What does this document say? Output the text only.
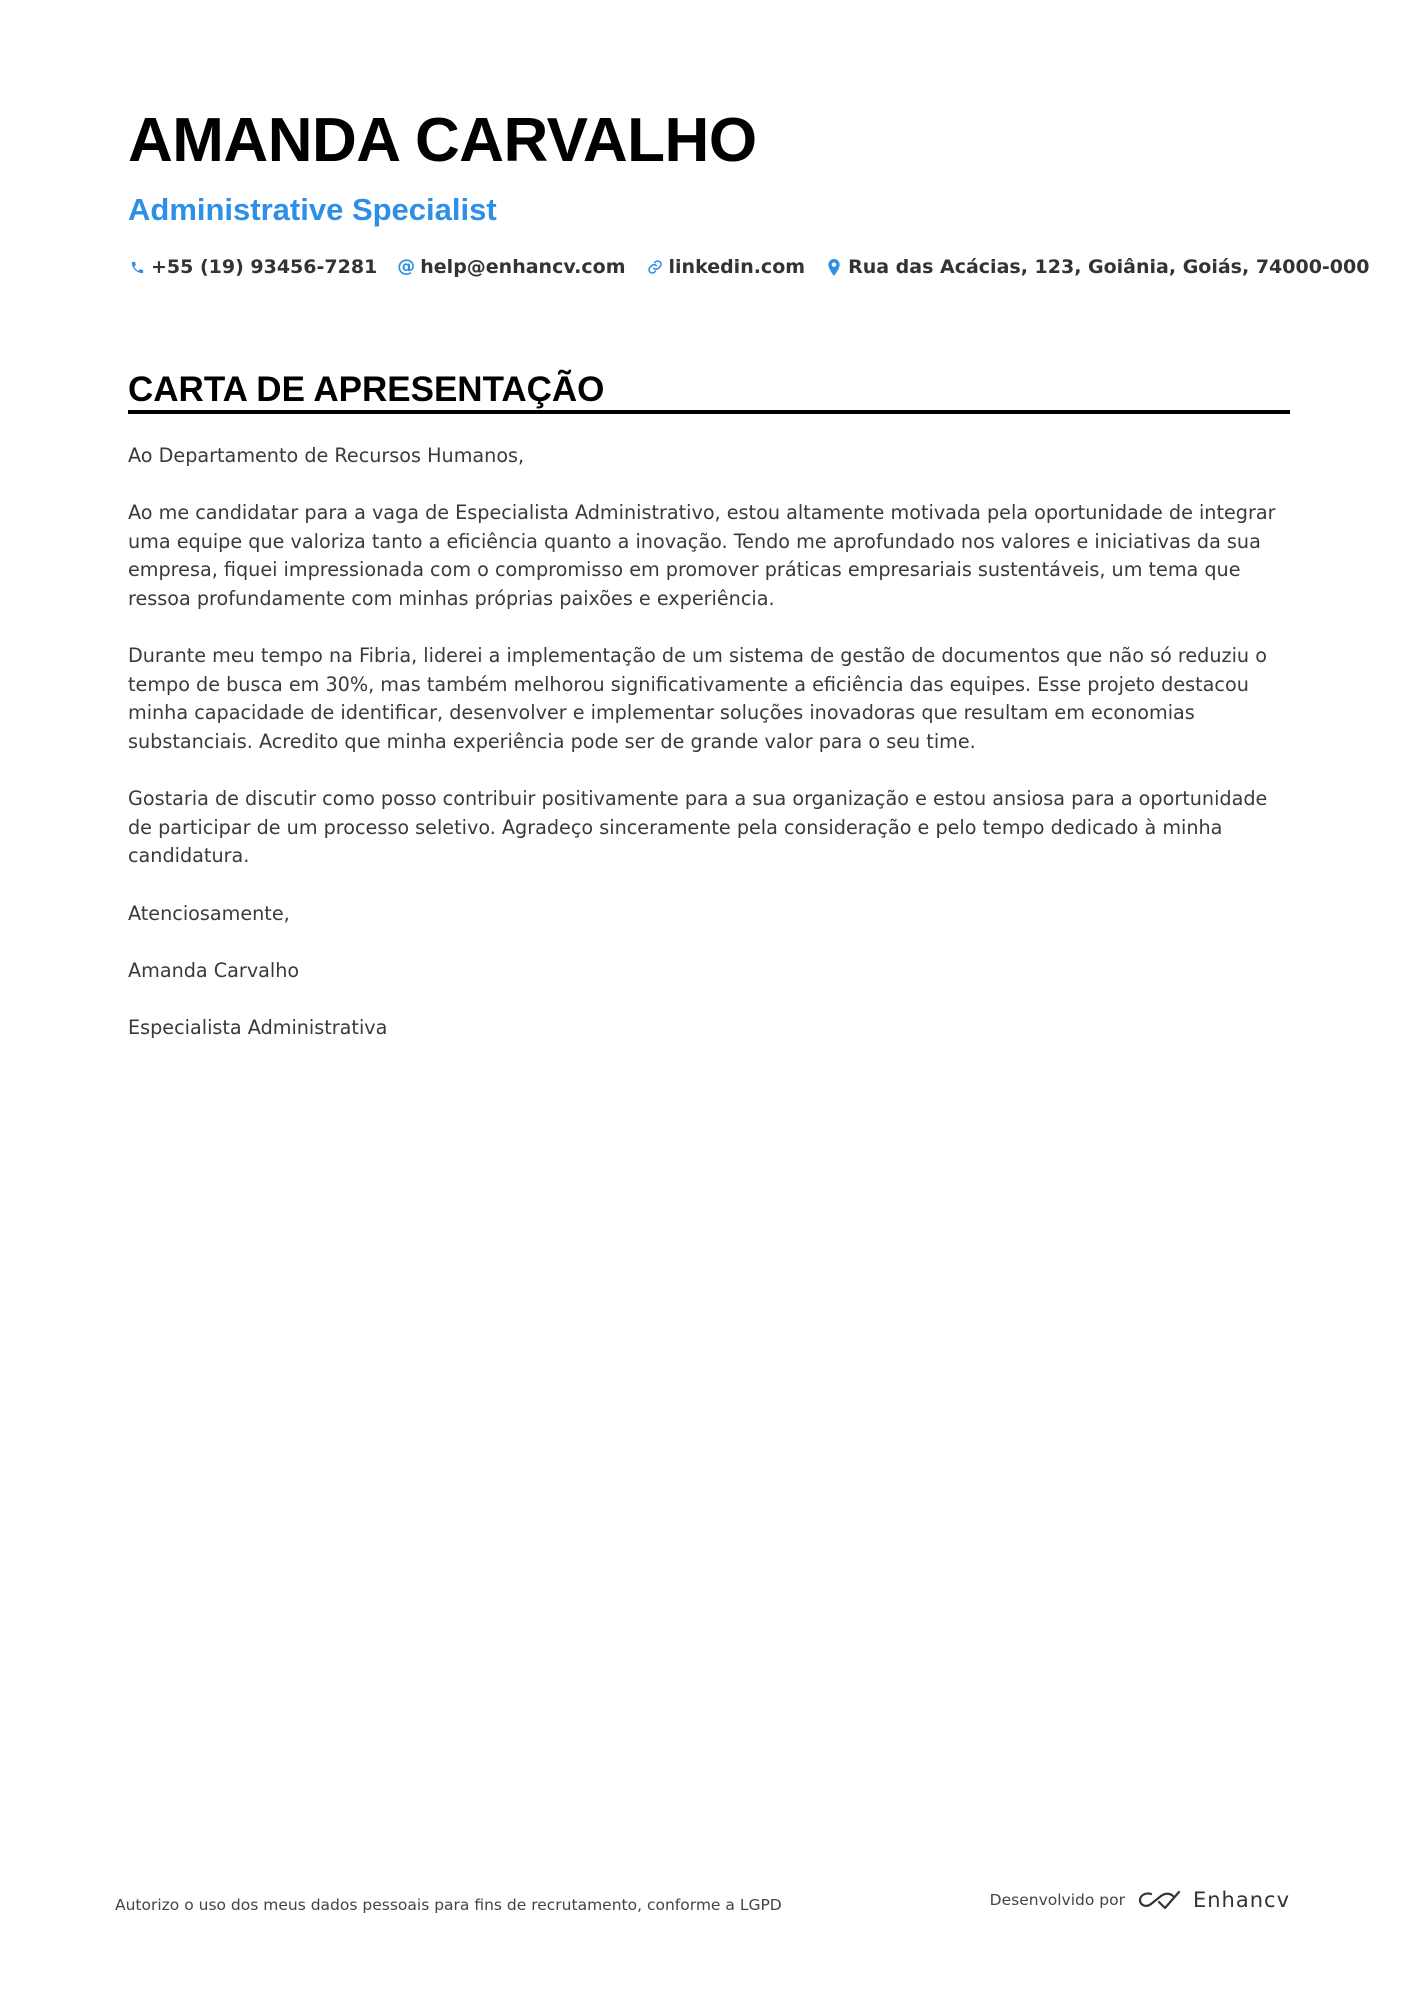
AMANDA CARVALHO
Administrative Specialist
+55 (19) 93456-7281 @ help@enhancv.com linkedin.com Rua das Acácias, 123, Goiânia, Goiás, 74000-000
CARTA DE APRESENTAÇÃO

Ao Departamento de Recursos Humanos,

Ao me candidatar para a vaga de Especialista Administrativo, estou altamente motivada pela oportunidade de integrar uma equipe que valoriza tanto a eficiência quanto a inovação. Tendo me aprofundado nos valores e iniciativas da sua empresa, fiquei impressionada com o compromisso em promover práticas empresariais sustentáveis, um tema que ressoa profundamente com minhas próprias paixões e experiência.

Durante meu tempo na Fibria, liderei a implementação de um sistema de gestão de documentos que não só reduziu o tempo de busca em 30%, mas também melhorou significativamente a eficiência das equipes. Esse projeto destacou minha capacidade de identificar, desenvolver e implementar soluções inovadoras que resultam em economias substanciais. Acredito que minha experiência pode ser de grande valor para o seu time.

Gostaria de discutir como posso contribuir positivamente para a sua organização e estou ansiosa para a oportunidade de participar de um processo seletivo. Agradeço sinceramente pela consideração e pelo tempo dedicado à minha candidatura.

Atenciosamente,

Amanda Carvalho

Especialista Administrativa

Autorizo o uso dos meus dados pessoais para fins de recrutamento, conforme a LGPD	Desenvolvido por	Enhancv
